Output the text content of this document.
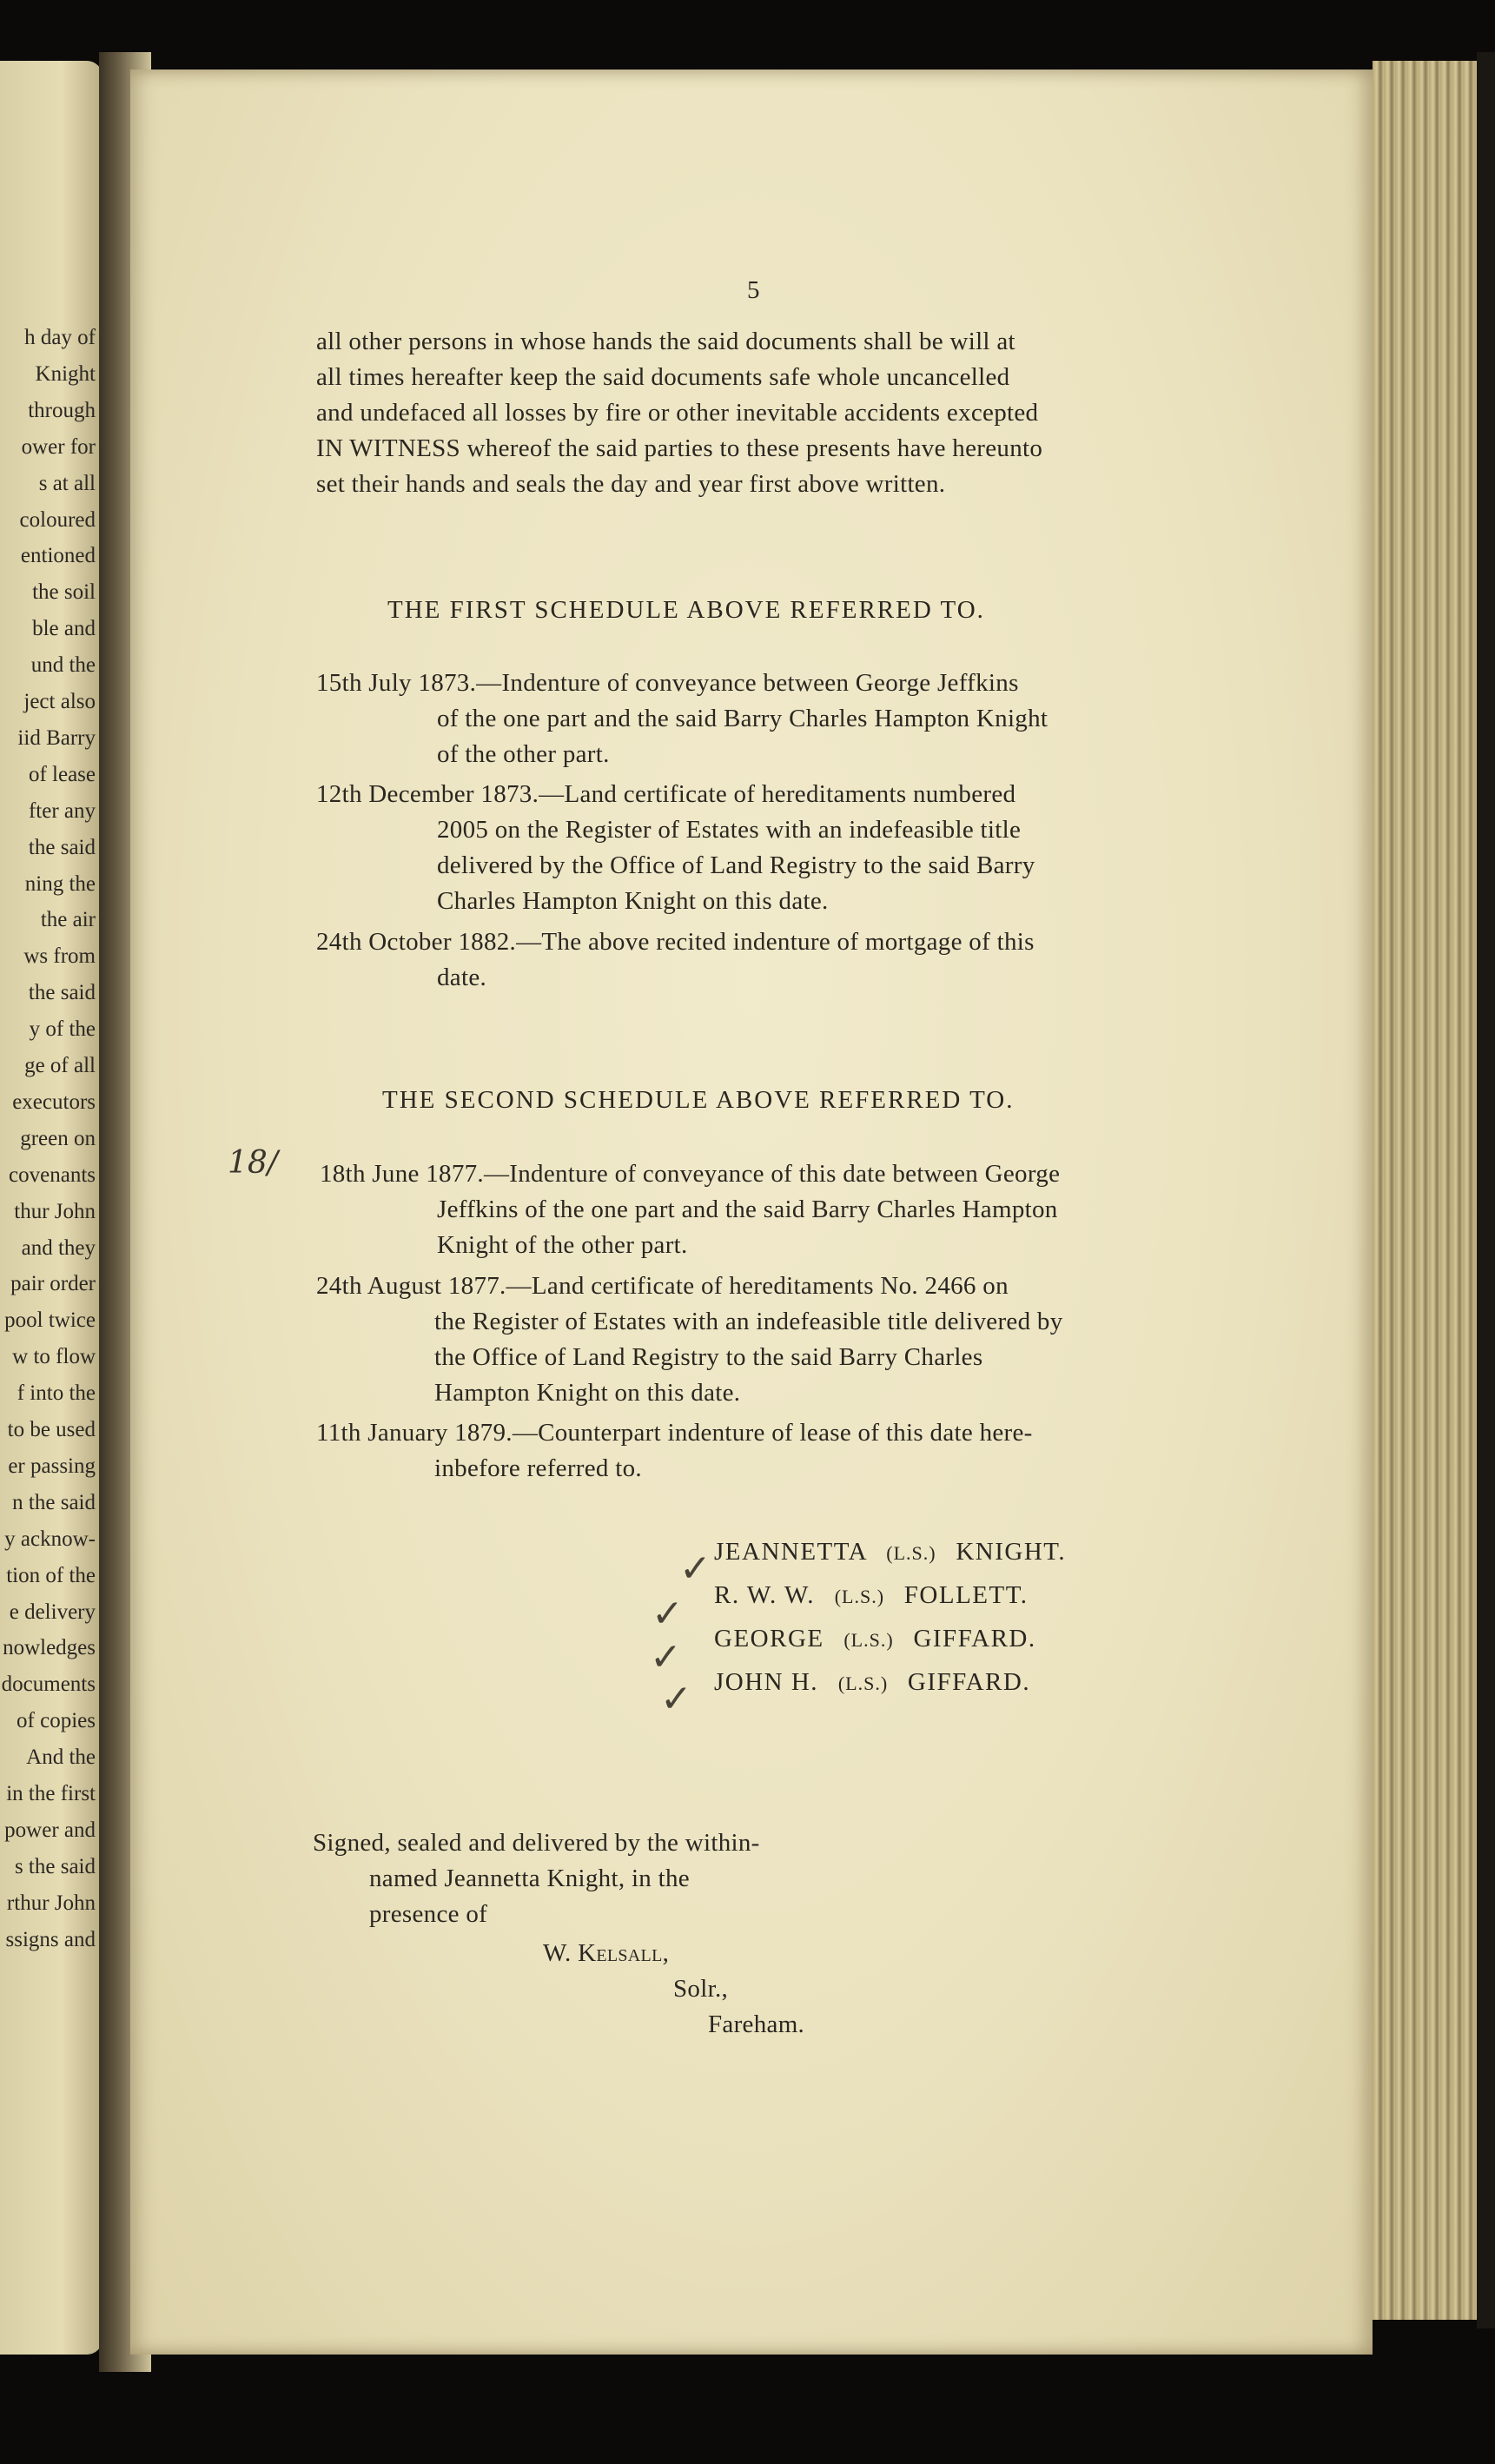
h day of
Knight
through
ower for
s at all
coloured
entioned
the soil
ble and
und the
ject also
iid Barry
of lease
fter any
the said
ning the
the air
ws from
the said
y of the
ge of all
executors
green on
covenants
thur John
and they
pair order
pool twice
w to flow
f into the
to be used
er passing
n the said
y acknow-
tion of the
e delivery
nowledges
documents
of copies
And the
in the first
power and
s the said
rthur John
ssigns and
5
all other persons in whose hands the said documents shall be will at
all times hereafter keep the said documents safe whole uncancelled
and undefaced all losses by fire or other inevitable accidents excepted
IN WITNESS whereof the said parties to these presents have hereunto
set their hands and seals the day and year first above written.
THE FIRST SCHEDULE ABOVE REFERRED TO.
15th July 1873.—Indenture of conveyance between George Jeffkins
of the one part and the said Barry Charles Hampton Knight
of the other part.
12th December 1873.—Land certificate of hereditaments numbered
2005 on the Register of Estates with an indefeasible title
delivered by the Office of Land Registry to the said Barry
Charles Hampton Knight on this date.
24th October 1882.—The above recited indenture of mortgage of this
date.
THE SECOND SCHEDULE ABOVE REFERRED TO.
18/ 18th June 1877.—Indenture of conveyance of this date between George
Jeffkins of the one part and the said Barry Charles Hampton
Knight of the other part.
24th August 1877.—Land certificate of hereditaments No. 2466 on
the Register of Estates with an indefeasible title delivered by
the Office of Land Registry to the said Barry Charles
Hampton Knight on this date.
11th January 1879.—Counterpart indenture of lease of this date here-
inbefore referred to.
✓ JEANNETTA (L.S.) KNIGHT.
✓ R. W. W. (L.S.) FOLLETT.
✓ GEORGE (L.S.) GIFFARD.
✓ JOHN H. (L.S.) GIFFARD.
Signed, sealed and delivered by the within-
named Jeannetta Knight, in the
presence of
W. Kelsall,
Solr.,
Fareham.
